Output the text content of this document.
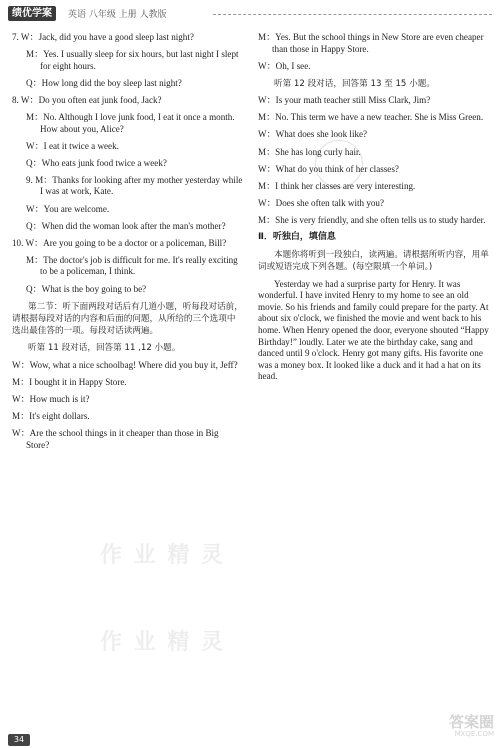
绩优学案	英语 八年级 上册 人教版

7. W：Jack, did you have a good sleep last night?

M：Yes. I usually sleep for six hours, but last night I slept for eight hours.

Q：How long did the boy sleep last night?

8. W：Do you often eat junk food, Jack?

M：No. Although I love junk food, I eat it once a month. How about you, Alice?

W：I eat it twice a week.

Q：Who eats junk food twice a week?

9. M：Thanks for looking after my mother yesterday while I was at work, Kate.

W：You are welcome.

Q：When did the woman look after the man's mother?

10. W：Are you going to be a doctor or a policeman, Bill?

M：The doctor's job is difficult for me. It's really exciting to be a policeman, I think.

Q：What is the boy going to be?

第二节：听下面两段对话后有几道小题，听每段对话前，请根据每段对话的内容和后面的问题，从所给的三个选项中选出最佳答的一项。每段对话读两遍。

听第 11 段对话，回答第 11 ,12 小题。

W：Wow, what a nice schoolbag! Where did you buy it, Jeff?

M：I bought it in Happy Store.

W：How much is it?

M：It's eight dollars.

W：Are the school things in it cheaper than those in Big Store?

M：Yes. But the school things in New Store are even cheaper than those in Happy Store.

W：Oh, I see.

听第 12 段对话，回答第 13 至 15 小题。

W：Is your math teacher still Miss Clark, Jim?

M：No. This term we have a new teacher. She is Miss Green.

W：What does she look like?

M：She has long curly hair.

W：What do you think of her classes?

M：I think her classes are very interesting.

W：Does she often talk with you?

M：She is very friendly, and she often tells us to study harder.

Ⅱ．听独白，填信息

本题你将听到一段独白，读两遍。请根据所听内容，用单词或短语完成下列各题。(每空限填一个单词。)

Yesterday we had a surprise party for Henry. It was wonderful. I have invited Henry to my home to see an old movie. So his friends and family could prepare for the party. At about six o'clock, we finished the movie and went back to his home. When Henry opened the door, everyone shouted “Happy Birthday!” loudly. Later we ate the birthday cake, sang and danced until 9 o'clock. Henry got many gifts. His favorite one was a money box. It looked like a duck and it had a hat on its head.

作 业 精 灵
作 业 精 灵
答案圈
MXQE.COM
34
